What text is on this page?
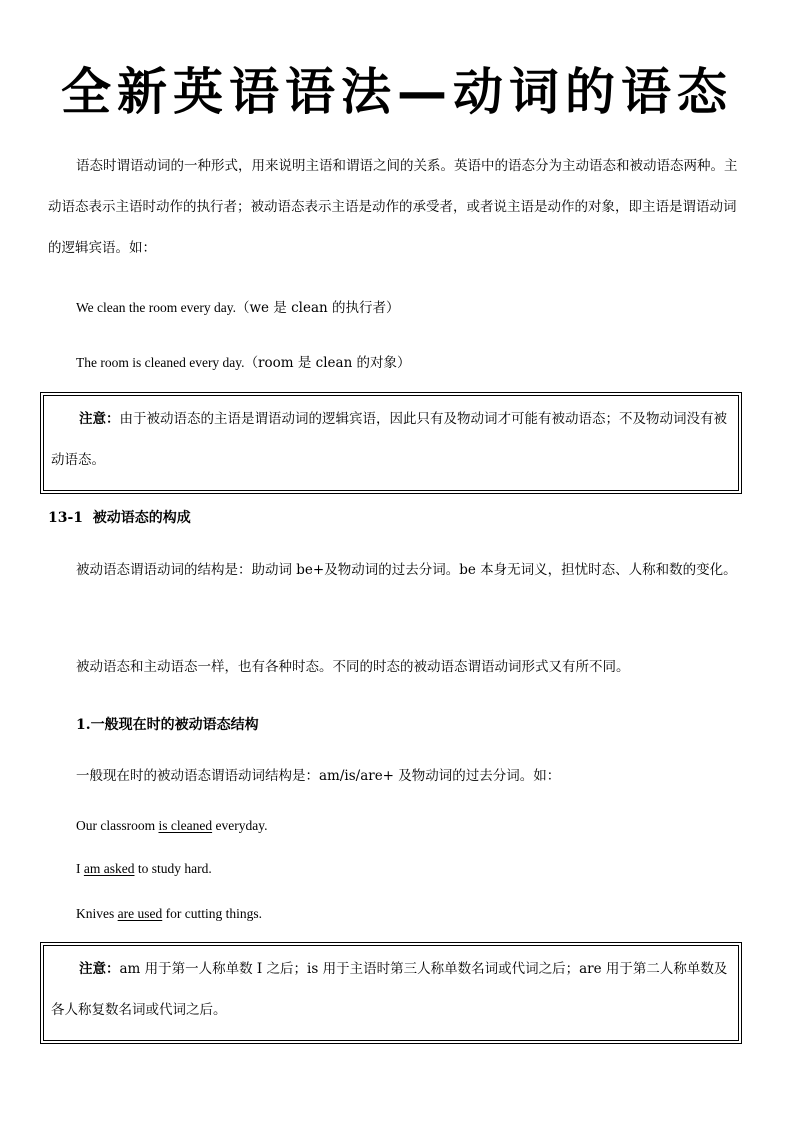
全新英语语法—动词的语态
语态时谓语动词的一种形式，用来说明主语和谓语之间的关系。英语中的语态分为主动语态和被动语态两种。主动语态表示主语时动作的执行者；被动语态表示主语是动作的承受者，或者说主语是动作的对象，即主语是谓语动词的逻辑宾语。如：
We clean the room every day.（we 是 clean 的执行者）
The room is cleaned every day.（room 是 clean 的对象）
注意：由于被动语态的主语是谓语动词的逻辑宾语，因此只有及物动词才可能有被动语态；不及物动词没有被动语态。
13-1 被动语态的构成
被动语态谓语动词的结构是：助动词 be+及物动词的过去分词。be 本身无词义，担忧时态、人称和数的变化。
被动语态和主动语态一样，也有各种时态。不同的时态的被动语态谓语动词形式又有所不同。
1.一般现在时的被动语态结构
一般现在时的被动语态谓语动词结构是：am/is/are+ 及物动词的过去分词。如：
Our classroom is cleaned everyday.
I am asked to study hard.
Knives are used for cutting things.
注意：am 用于第一人称单数 I 之后；is 用于主语时第三人称单数名词或代词之后；are 用于第二人称单数及各人称复数名词或代词之后。
